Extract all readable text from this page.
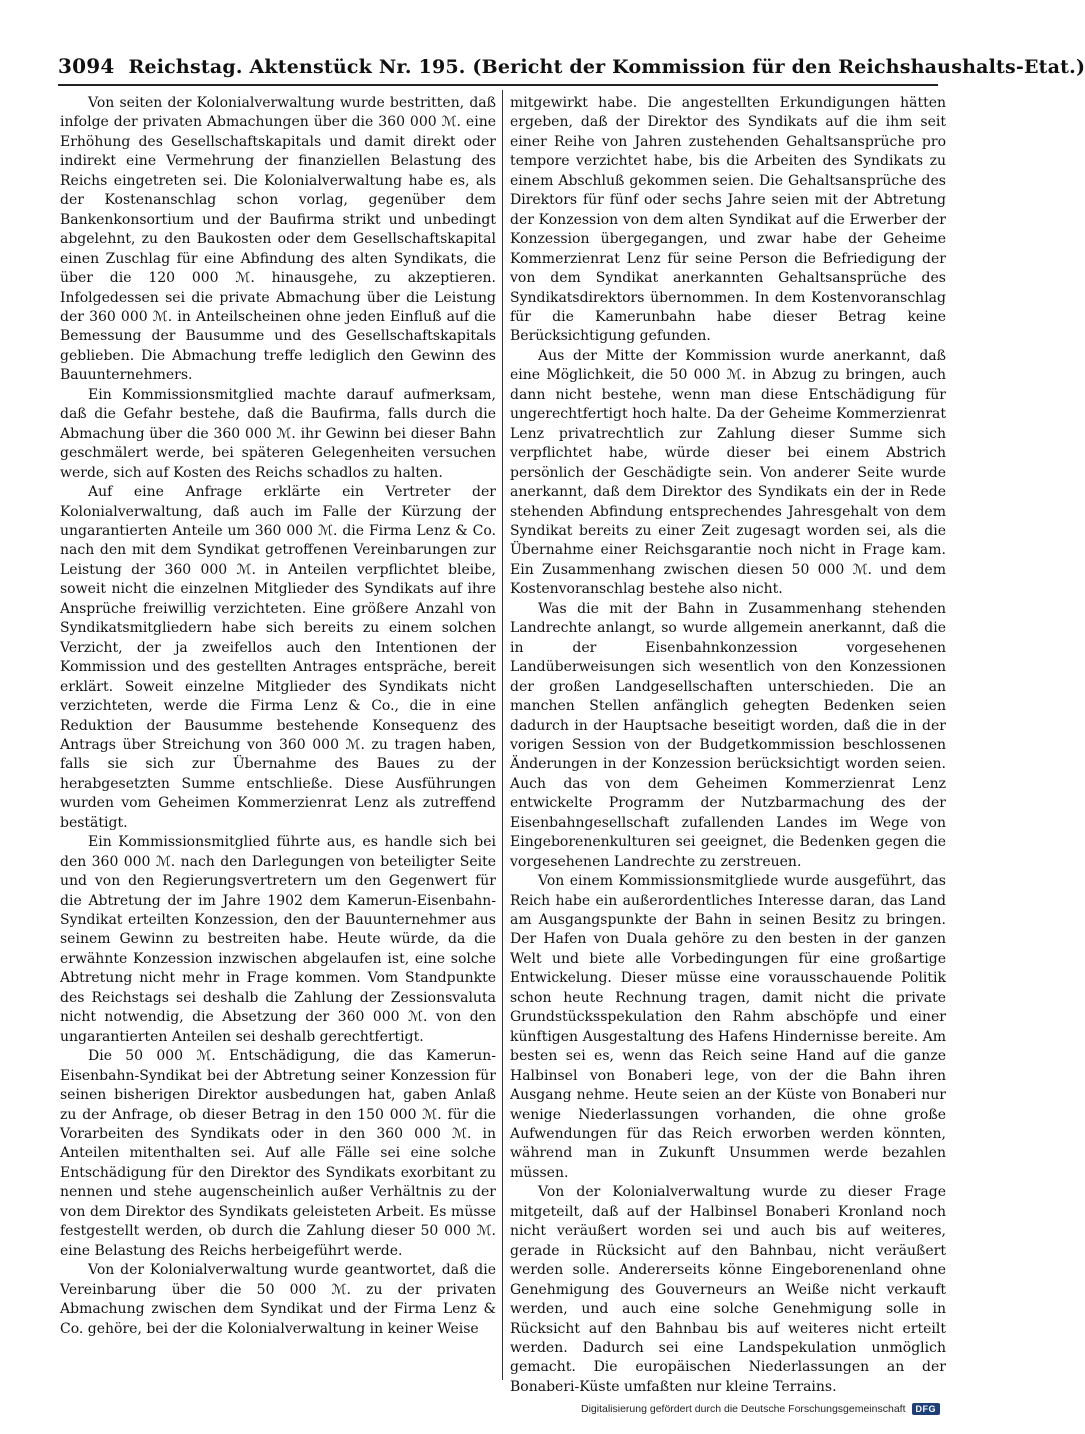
3094 Reichstag. Aktenstück Nr. 195. (Bericht der Kommission für den Reichshaushalts-Etat.)

Von seiten der Kolonialverwaltung wurde bestritten, daß infolge der privaten Abmachungen über die 360 000 ℳ. eine Erhöhung des Gesellschaftskapitals und damit direkt oder indirekt eine Vermehrung der finanziellen Belastung des Reichs eingetreten sei. Die Kolonialverwaltung habe es, als der Kostenanschlag schon vorlag, gegenüber dem Bankenkonsortium und der Baufirma strikt und unbedingt abgelehnt, zu den Baukosten oder dem Gesellschaftskapital einen Zuschlag für eine Abfindung des alten Syndikats, die über die 120 000 ℳ. hinausgehe, zu akzeptieren. Infolgedessen sei die private Abmachung über die Leistung der 360 000 ℳ. in Anteilscheinen ohne jeden Einfluß auf die Bemessung der Bausumme und des Gesellschaftskapitals geblieben. Die Abmachung treffe lediglich den Gewinn des Bauunternehmers.

Ein Kommissionsmitglied machte darauf aufmerksam, daß die Gefahr bestehe, daß die Baufirma, falls durch die Abmachung über die 360 000 ℳ. ihr Gewinn bei dieser Bahn geschmälert werde, bei späteren Gelegenheiten versuchen werde, sich auf Kosten des Reichs schadlos zu halten.

Auf eine Anfrage erklärte ein Vertreter der Kolonialverwaltung, daß auch im Falle der Kürzung der ungarantierten Anteile um 360 000 ℳ. die Firma Lenz & Co. nach den mit dem Syndikat getroffenen Vereinbarungen zur Leistung der 360 000 ℳ. in Anteilen verpflichtet bleibe, soweit nicht die einzelnen Mitglieder des Syndikats auf ihre Ansprüche freiwillig verzichteten. Eine größere Anzahl von Syndikatsmitgliedern habe sich bereits zu einem solchen Verzicht, der ja zweifellos auch den Intentionen der Kommission und des gestellten Antrages entspräche, bereit erklärt. Soweit einzelne Mitglieder des Syndikats nicht verzichteten, werde die Firma Lenz & Co., die in eine Reduktion der Bausumme bestehende Konsequenz des Antrags über Streichung von 360 000 ℳ. zu tragen haben, falls sie sich zur Übernahme des Baues zu der herabgesetzten Summe entschließe. Diese Ausführungen wurden vom Geheimen Kommerzienrat Lenz als zutreffend bestätigt.

Ein Kommissionsmitglied führte aus, es handle sich bei den 360 000 ℳ. nach den Darlegungen von beteiligter Seite und von den Regierungsvertretern um den Gegenwert für die Abtretung der im Jahre 1902 dem Kamerun-Eisenbahn-Syndikat erteilten Konzession, den der Bauunternehmer aus seinem Gewinn zu bestreiten habe. Heute würde, da die erwähnte Konzession inzwischen abgelaufen ist, eine solche Abtretung nicht mehr in Frage kommen. Vom Standpunkte des Reichstags sei deshalb die Zahlung der Zessionsvaluta nicht notwendig, die Absetzung der 360 000 ℳ. von den ungarantierten Anteilen sei deshalb gerechtfertigt.

Die 50 000 ℳ. Entschädigung, die das Kamerun-Eisenbahn-Syndikat bei der Abtretung seiner Konzession für seinen bisherigen Direktor ausbedungen hat, gaben Anlaß zu der Anfrage, ob dieser Betrag in den 150 000 ℳ. für die Vorarbeiten des Syndikats oder in den 360 000 ℳ. in Anteilen mitenthalten sei. Auf alle Fälle sei eine solche Entschädigung für den Direktor des Syndikats exorbitant zu nennen und stehe augenscheinlich außer Verhältnis zu der von dem Direktor des Syndikats geleisteten Arbeit. Es müsse festgestellt werden, ob durch die Zahlung dieser 50 000 ℳ. eine Belastung des Reichs herbeigeführt werde.

Von der Kolonialverwaltung wurde geantwortet, daß die Vereinbarung über die 50 000 ℳ. zu der privaten Abmachung zwischen dem Syndikat und der Firma Lenz & Co. gehöre, bei der die Kolonialverwaltung in keiner Weise

mitgewirkt habe. Die angestellten Erkundigungen hätten ergeben, daß der Direktor des Syndikats auf die ihm seit einer Reihe von Jahren zustehenden Gehaltsansprüche pro tempore verzichtet habe, bis die Arbeiten des Syndikats zu einem Abschluß gekommen seien. Die Gehaltsansprüche des Direktors für fünf oder sechs Jahre seien mit der Abtretung der Konzession von dem alten Syndikat auf die Erwerber der Konzession übergegangen, und zwar habe der Geheime Kommerzienrat Lenz für seine Person die Befriedigung der von dem Syndikat anerkannten Gehaltsansprüche des Syndikatsdirektors übernommen. In dem Kostenvoranschlag für die Kamerunbahn habe dieser Betrag keine Berücksichtigung gefunden.

Aus der Mitte der Kommission wurde anerkannt, daß eine Möglichkeit, die 50 000 ℳ. in Abzug zu bringen, auch dann nicht bestehe, wenn man diese Entschädigung für ungerechtfertigt hoch halte. Da der Geheime Kommerzienrat Lenz privatrechtlich zur Zahlung dieser Summe sich verpflichtet habe, würde dieser bei einem Abstrich persönlich der Geschädigte sein. Von anderer Seite wurde anerkannt, daß dem Direktor des Syndikats ein der in Rede stehenden Abfindung entsprechendes Jahresgehalt von dem Syndikat bereits zu einer Zeit zugesagt worden sei, als die Übernahme einer Reichsgarantie noch nicht in Frage kam. Ein Zusammenhang zwischen diesen 50 000 ℳ. und dem Kostenvoranschlag bestehe also nicht.

Was die mit der Bahn in Zusammenhang stehenden Landrechte anlangt, so wurde allgemein anerkannt, daß die in der Eisenbahnkonzession vorgesehenen Landüberweisungen sich wesentlich von den Konzessionen der großen Landgesellschaften unterschieden. Die an manchen Stellen anfänglich gehegten Bedenken seien dadurch in der Hauptsache beseitigt worden, daß die in der vorigen Session von der Budgetkommission beschlossenen Änderungen in der Konzession berücksichtigt worden seien. Auch das von dem Geheimen Kommerzienrat Lenz entwickelte Programm der Nutzbarmachung des der Eisenbahngesellschaft zufallenden Landes im Wege von Eingeborenenkulturen sei geeignet, die Bedenken gegen die vorgesehenen Landrechte zu zerstreuen.

Von einem Kommissionsmitgliede wurde ausgeführt, das Reich habe ein außerordentliches Interesse daran, das Land am Ausgangspunkte der Bahn in seinen Besitz zu bringen. Der Hafen von Duala gehöre zu den besten in der ganzen Welt und biete alle Vorbedingungen für eine großartige Entwickelung. Dieser müsse eine vorausschauende Politik schon heute Rechnung tragen, damit nicht die private Grundstücksspekulation den Rahm abschöpfe und einer künftigen Ausgestaltung des Hafens Hindernisse bereite. Am besten sei es, wenn das Reich seine Hand auf die ganze Halbinsel von Bonaberi lege, von der die Bahn ihren Ausgang nehme. Heute seien an der Küste von Bonaberi nur wenige Niederlassungen vorhanden, die ohne große Aufwendungen für das Reich erworben werden könnten, während man in Zukunft Unsummen werde bezahlen müssen.

Von der Kolonialverwaltung wurde zu dieser Frage mitgeteilt, daß auf der Halbinsel Bonaberi Kronland noch nicht veräußert worden sei und auch bis auf weiteres, gerade in Rücksicht auf den Bahnbau, nicht veräußert werden solle. Andererseits könne Eingeborenenland ohne Genehmigung des Gouverneurs an Weiße nicht verkauft werden, und auch eine solche Genehmigung solle in Rücksicht auf den Bahnbau bis auf weiteres nicht erteilt werden. Dadurch sei eine Landspekulation unmöglich gemacht. Die europäischen Niederlassungen an der Bonaberi-Küste umfaßten nur kleine Terrains.

Digitalisierung gefördert durch die Deutsche Forschungsgemeinschaft	DFG
